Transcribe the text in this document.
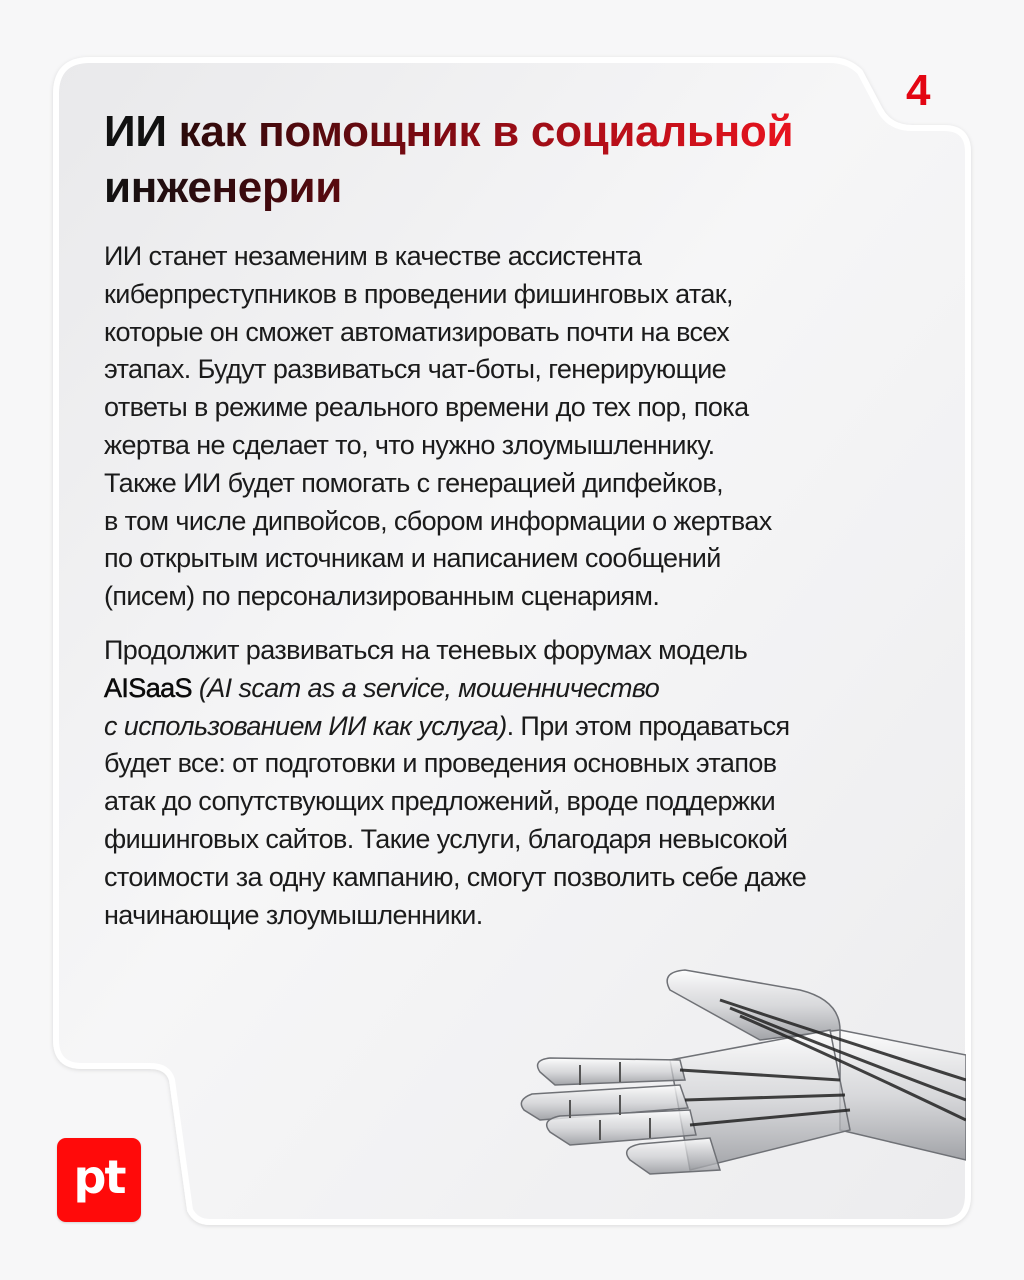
4
ИИ как помощник в социальной
инженерии

ИИ станет незаменим в качестве ассистента
киберпреступников в проведении фишинговых атак,
которые он сможет автоматизировать почти на всех
этапах. Будут развиваться чат-боты, генерирующие
ответы в режиме реального времени до тех пор, пока
жертва не сделает то, что нужно злоумышленнику.
Также ИИ будет помогать с генерацией дипфейков,
в том числе дипвойсов, сбором информации о жертвах
по открытым источникам и написанием сообщений
(писем) по персонализированным сценариям.

Продолжит развиваться на теневых форумах модель
AISaaS (AI scam as a service, мошенничество
с использованием ИИ как услуга). При этом продаваться
будет все: от подготовки и проведения основных этапов
атак до сопутствующих предложений, вроде поддержки
фишинговых сайтов. Такие услуги, благодаря невысокой
стоимости за одну кампанию, смогут позволить себе даже
начинающие злоумышленники.

pt
